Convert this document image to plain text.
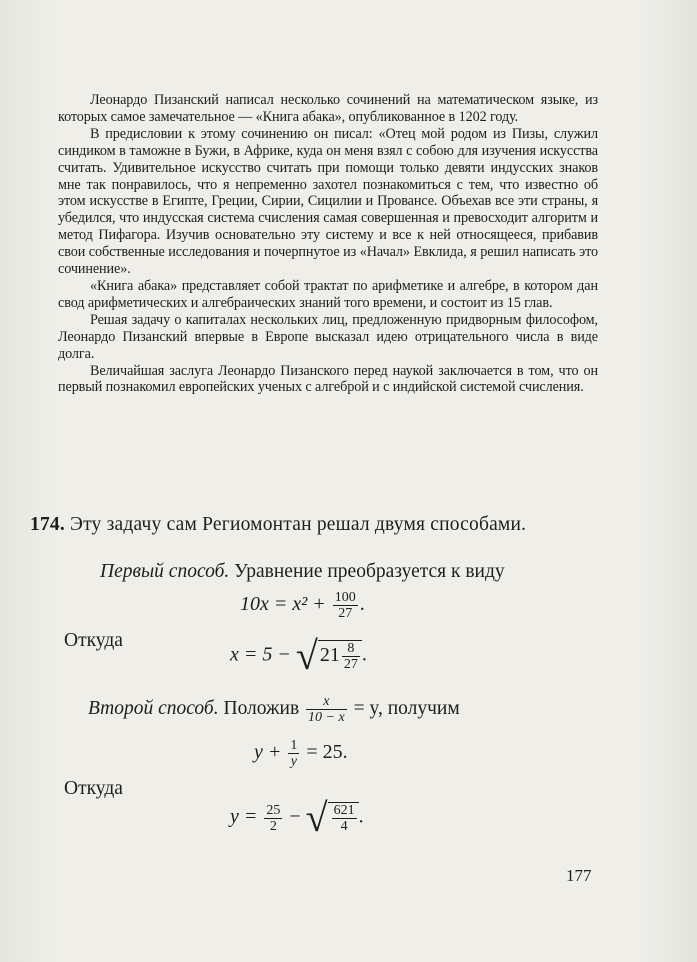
Леонардо Пизанский написал несколько сочинений на математическом языке, из которых самое замечательное — «Книга абака», опубликованное в 1202 году.

В предисловии к этому сочинению он писал: «Отец мой родом из Пизы, служил синдиком в таможне в Бужи, в Африке, куда он меня взял с собою для изучения искусства считать. Удивительное искусство считать при помощи только девяти индусских знаков мне так понравилось, что я непременно захотел познакомиться с тем, что известно об этом искусстве в Египте, Греции, Сирии, Сицилии и Провансе. Объехав все эти страны, я убедился, что индусская система счисления самая совершенная и превосходит алгоритм и метод Пифагора. Изучив основательно эту систему и все к ней относящееся, прибавив свои собственные исследования и почерпнутое из «Начал» Евклида, я решил написать это сочинение».

«Книга абака» представляет собой трактат по арифметике и алгебре, в котором дан свод арифметических и алгебраических знаний того времени, и состоит из 15 глав.

Решая задачу о капиталах нескольких лиц, предложенную придворным философом, Леонардо Пизанский впервые в Европе высказал идею отрицательного числа в виде долга.

Величайшая заслуга Леонардо Пизанского перед наукой заключается в том, что он первый познакомил европейских ученых с алгеброй и с индийской системой счисления.

174. Эту задачу сам Региомонтан решал двумя способами.
Первый способ. Уравнение преобразуется к виду
$10x = x^2 + \frac{100}{27}$ .
Откуда
x = 5 − √ $21 \frac{8}{27}$ .
Второй способ. Положив $\frac{x}{10 - x} = y$, получим
$y + \frac{1}{y} = 25$.
Откуда
$y = \frac{25}{2}$ − √ $\frac{621}{4}$ .
177
